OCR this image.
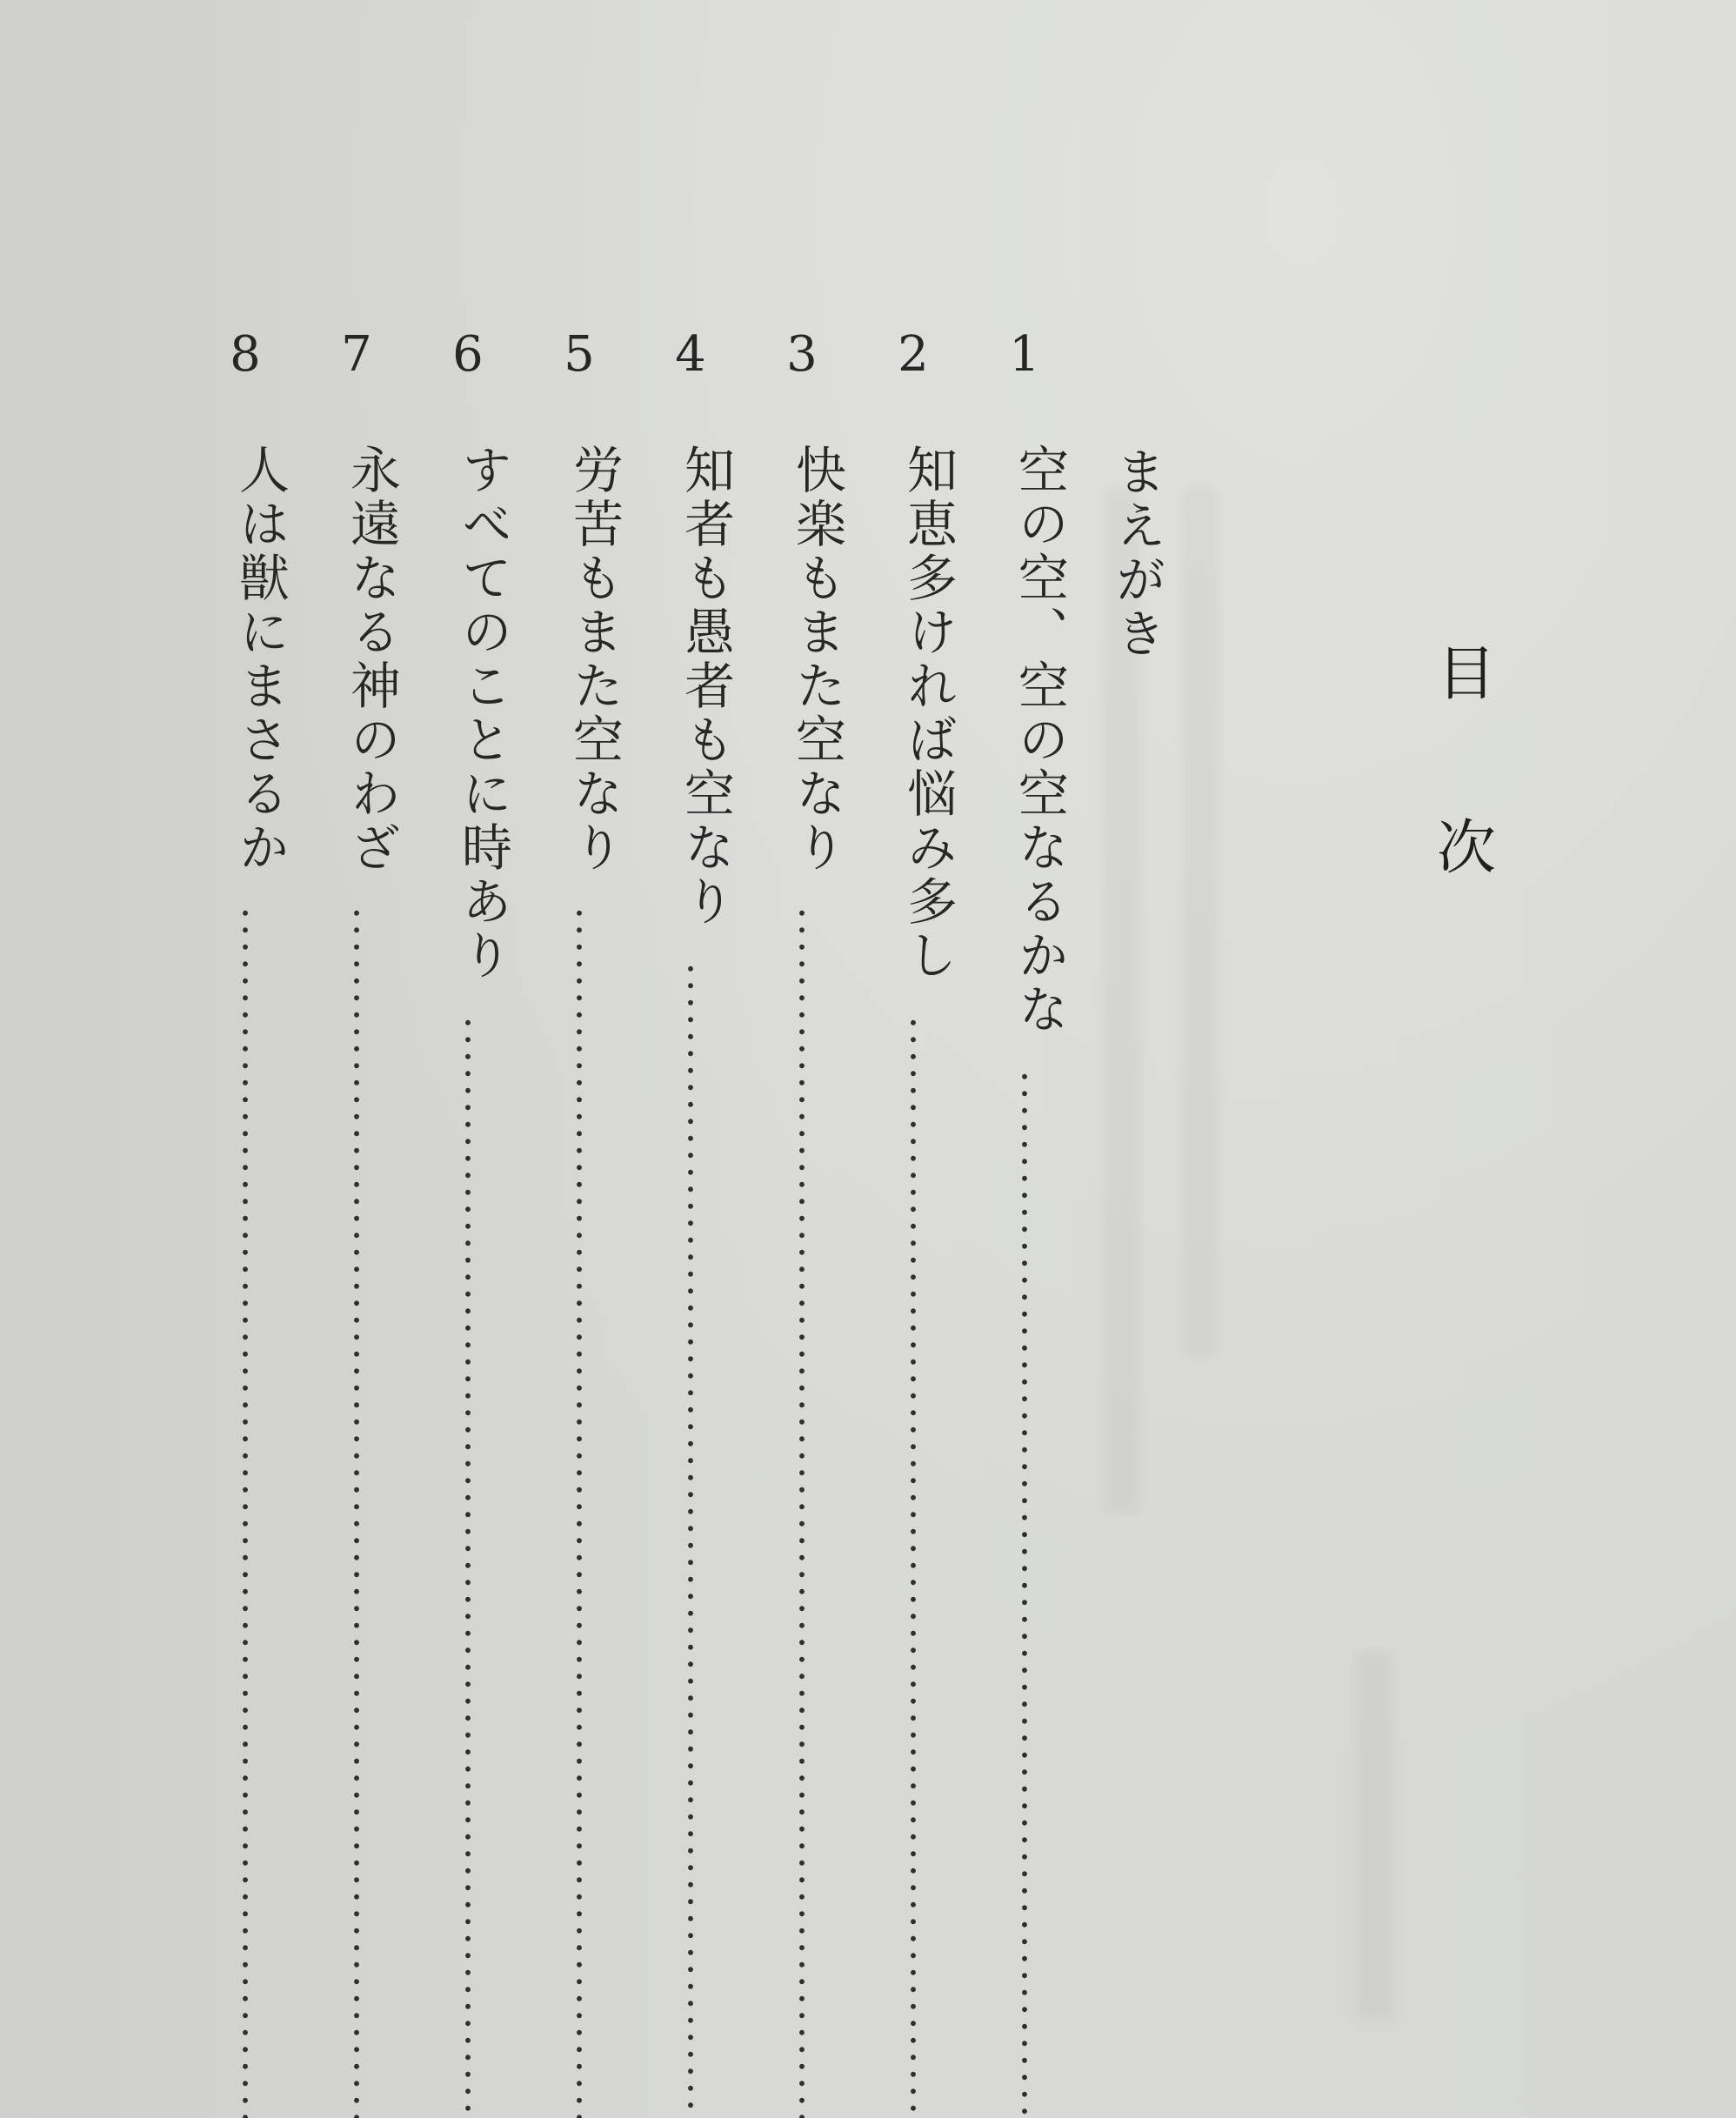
目
次
まえがき
1
空の空、空の空なるかな
2
知恵多ければ悩み多し
3
快楽もまた空なり
4
知者も愚者も空なり
5
労苦もまた空なり
6
すべてのことに時あり
7
永遠なる神のわざ
8
人は獣にまさるか
